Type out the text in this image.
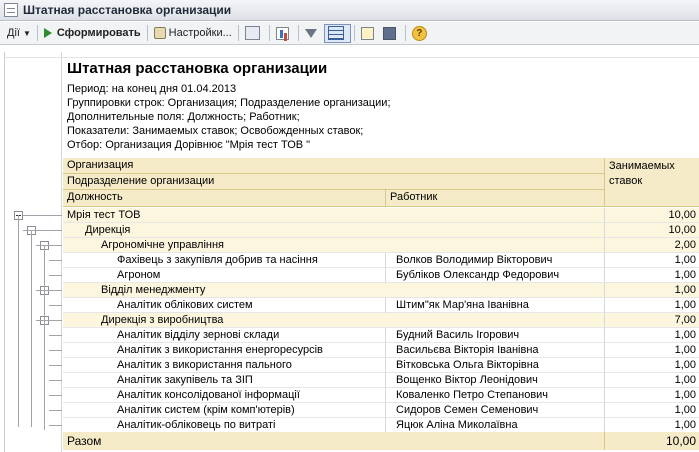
Штатная расстановка организации
Дії ▼ Сформировать	Настройки...	?
Штатная расстановка организации
Период: на конец дня 01.04.2013
Группировки строк: Организация; Подразделение организации;
Дополнительные поля: Должность; Работник;
Показатели: Занимаемых ставок; Освобожденных ставок;
Отбор: Организация Дорівнює "Мрія тест ТОВ "
Организация
Подразделение организации
Должность	Работник
Занимаемых ставок
Мрія тест ТОВ	10,00
Дирекція	10,00
Агрономічне управління	2,00
Фахівець з закупівля добрив та насіння	Волков Володимир Вікторович	1,00
Агроном	Бубліков Олександр Федорович	1,00
Відділ менеджменту	1,00
Аналітик облікових систем	Штим"як Мар'яна Іванівна	1,00
Дирекція з виробництва	7,00
Аналітик відділу зернові склади	Будний Василь Ігорович	1,00
Аналітик з використання енергоресурсів	Васильєва Вікторія Іванівна	1,00
Аналітик з використання пального	Вітковська Ольга Вікторівна	1,00
Аналітик закупівель та ЗІП	Вощенко Віктор Леонідович	1,00
Аналітик консолідованої інформації	Коваленко Петро Степанович	1,00
Аналітик систем (крім комп'ютерів)	Сидоров Семен Семенович	1,00
Аналітик-обліковець по витраті	Яцюк Аліна Миколаївна	1,00
Разом	10,00
